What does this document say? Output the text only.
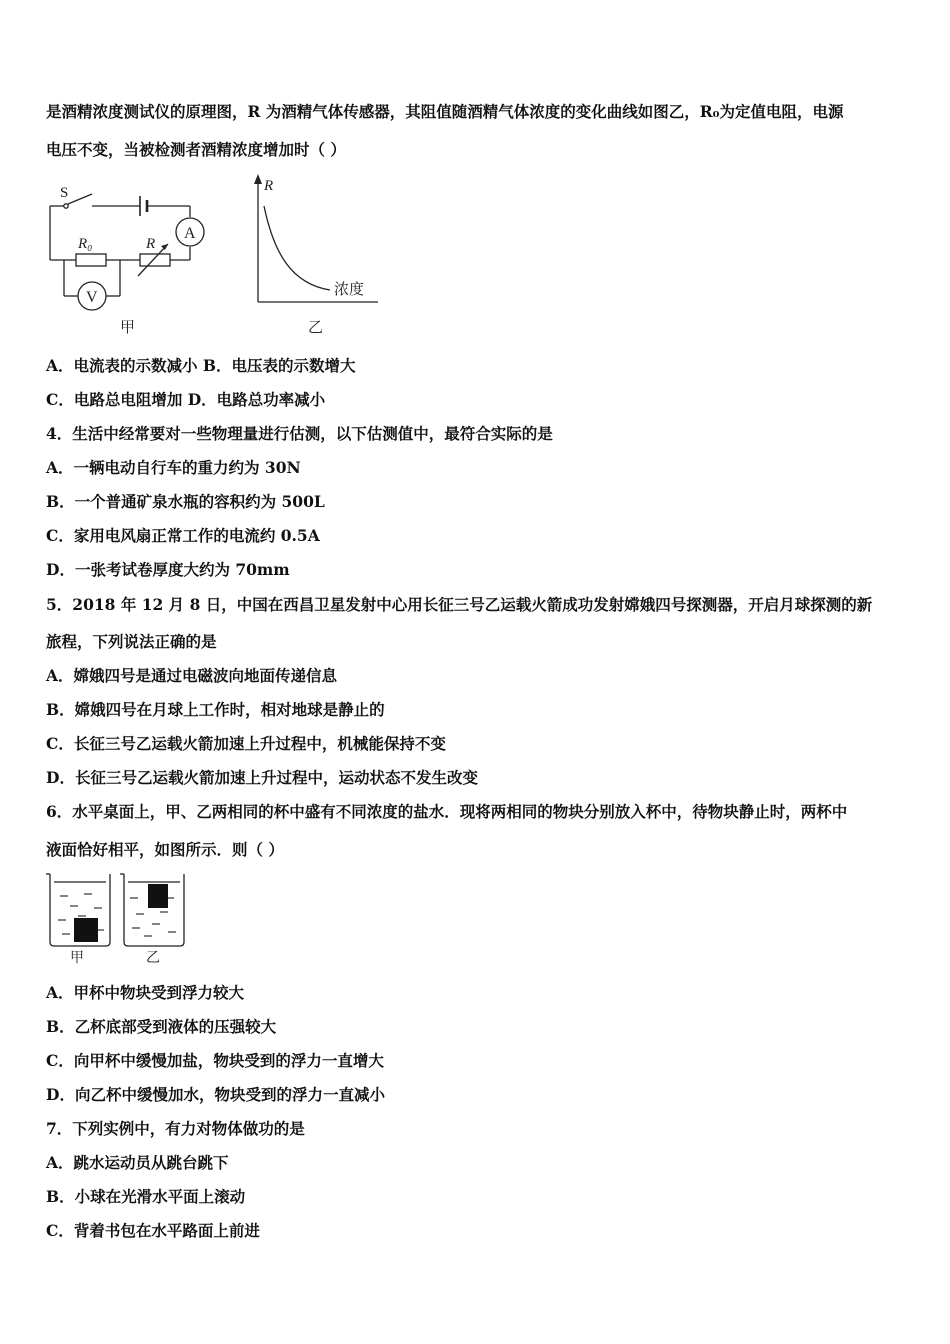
是酒精浓度测试仪的原理图，R 为酒精气体传感器，其阻值随酒精气体浓度的变化曲线如图乙，R₀为定值电阻，电源
电压不变，当被检测者酒精浓度增加时（ ）
S
A
R₀	R
V
甲
R
浓度
乙
A．电流表的示数减小 B．电压表的示数增大
C．电路总电阻增加 D．电路总功率减小
4．生活中经常要对一些物理量进行估测，以下估测值中，最符合实际的是
A．一辆电动自行车的重力约为 30N
B．一个普通矿泉水瓶的容积约为 500L
C．家用电风扇正常工作的电流约 0.5A
D．一张考试卷厚度大约为 70mm
5．2018 年 12 月 8 日，中国在西昌卫星发射中心用长征三号乙运载火箭成功发射嫦娥四号探测器，开启月球探测的新
旅程，下列说法正确的是
A．嫦娥四号是通过电磁波向地面传递信息
B．嫦娥四号在月球上工作时，相对地球是静止的
C．长征三号乙运载火箭加速上升过程中，机械能保持不变
D．长征三号乙运载火箭加速上升过程中，运动状态不发生改变
6．水平桌面上，甲、乙两相同的杯中盛有不同浓度的盐水．现将两相同的物块分别放入杯中，待物块静止时，两杯中
液面恰好相平，如图所示．则（ ）
甲	乙
A．甲杯中物块受到浮力较大
B．乙杯底部受到液体的压强较大
C．向甲杯中缓慢加盐，物块受到的浮力一直增大
D．向乙杯中缓慢加水，物块受到的浮力一直减小
7．下列实例中，有力对物体做功的是
A．跳水运动员从跳台跳下
B．小球在光滑水平面上滚动
C．背着书包在水平路面上前进
